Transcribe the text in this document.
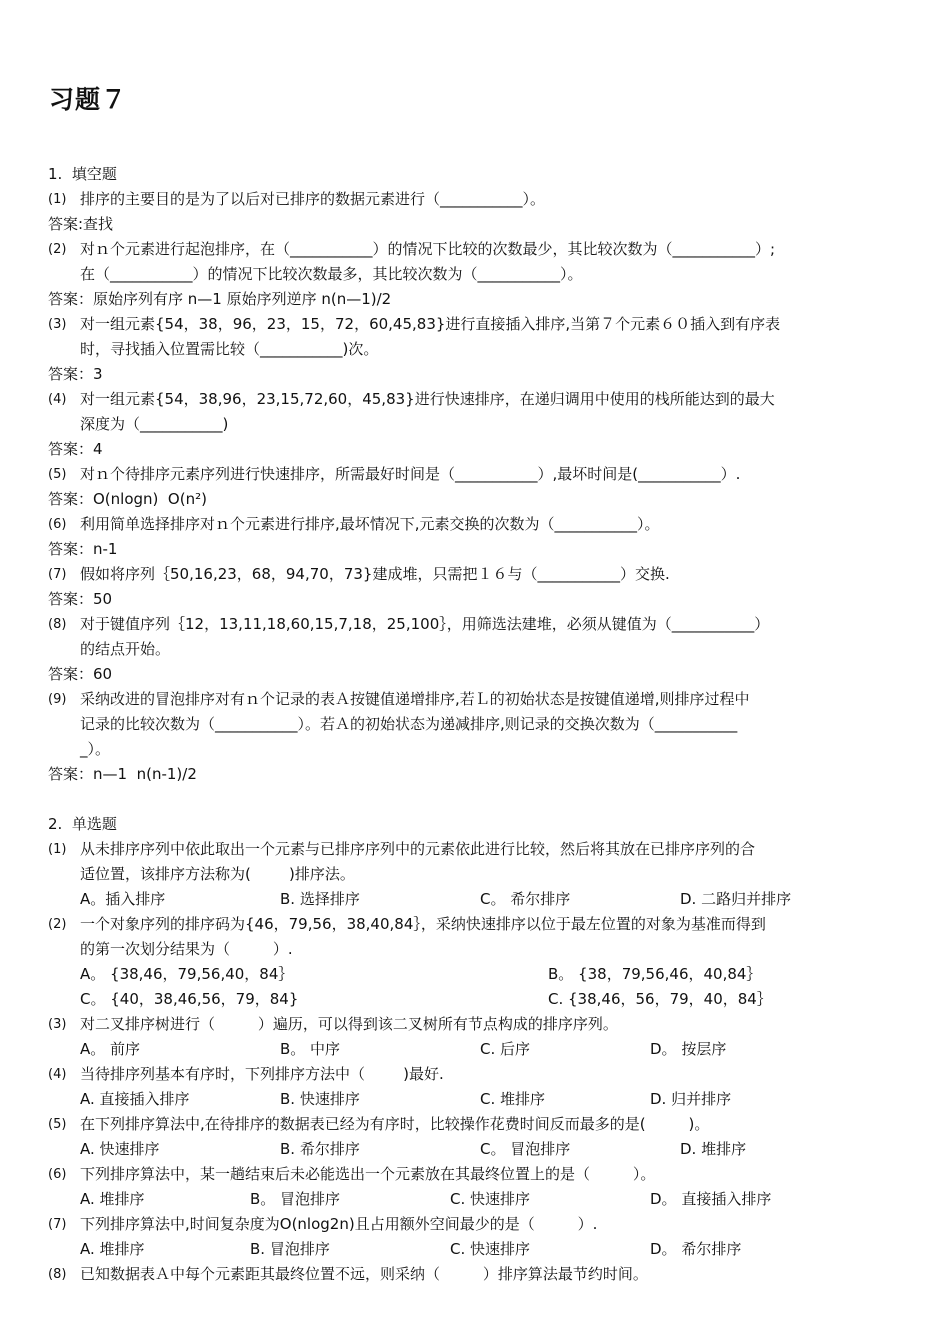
习题７
1.  填空题
(1) 排序的主要目的是为了以后对已排序的数据元素进行（___________）。
答案:查找
(2) 对ｎ个元素进行起泡排序，在（___________）的情况下比较的次数最少，其比较次数为（___________）;
在（___________）的情况下比较次数最多，其比较次数为（___________）。
答案：原始序列有序 n—1 原始序列逆序 n(n—1)/2
(3) 对一组元素{54，38，96，23，15，72，60,45,83}进行直接插入排序,当第７个元素６０插入到有序表
时，寻找插入位置需比较（___________)次。
答案：3
(4) 对一组元素{54，38,96，23,15,72,60，45,83}进行快速排序，在递归调用中使用的栈所能达到的最大
深度为（___________)
答案：4
(5) 对ｎ个待排序元素序列进行快速排序，所需最好时间是（___________）,最坏时间是(___________）.
答案：O(nlogn)  O(n²)
(6) 利用简单选择排序对ｎ个元素进行排序,最坏情况下,元素交换的次数为（___________）。
答案：n-1
(7) 假如将序列｛50,16,23，68，94,70，73}建成堆，只需把１６与（___________）交换.
答案：50
(8) 对于键值序列｛12，13,11,18,60,15,7,18，25,100｝，用筛选法建堆，必须从键值为（___________）
的结点开始。
答案：60
(9) 采纳改进的冒泡排序对有ｎ个记录的表Ａ按键值递增排序,若Ｌ的初始状态是按键值递增,则排序过程中
记录的比较次数为（___________）。若Ａ的初始状态为递减排序,则记录的交换次数为（___________
_）。
答案：n—1  n(n-1)/2
2.  单选题
(1) 从未排序序列中依此取出一个元素与已排序序列中的元素依此进行比较，然后将其放在已排序序列的合
适位置，该排序方法称为(        )排序法。
A。插入排序	B. 选择排序	C。 希尔排序	D. 二路归并排序
(2) 一个对象序列的排序码为{46，79,56，38,40,84｝，采纳快速排序以位于最左位置的对象为基准而得到
的第一次划分结果为（         ）.
A。 {38,46，79,56,40，84｝	B。 {38，79,56,46，40,84｝
C。 {40，38,46,56，79，84}	C. {38,46，56，79，40，84｝
(3) 对二叉排序树进行（         ）遍历，可以得到该二叉树所有节点构成的排序序列。
A。 前序	B。 中序	C. 后序	D。 按层序
(4) 当待排序列基本有序时，下列排序方法中（        )最好.
A. 直接插入排序	B. 快速排序	C. 堆排序	D. 归并排序
(5) 在下列排序算法中,在待排序的数据表已经为有序时，比较操作花费时间反而最多的是(         )。
A. 快速排序	B. 希尔排序	C。 冒泡排序	D. 堆排序
(6) 下列排序算法中，某一趟结束后未必能选出一个元素放在其最终位置上的是（         ）。
A. 堆排序	B。 冒泡排序	C. 快速排序	D。 直接插入排序
(7) 下列排序算法中,时间复杂度为O(nlog2n)且占用额外空间最少的是（         ）.
A. 堆排序	B. 冒泡排序	C. 快速排序	D。 希尔排序
(8) 已知数据表Ａ中每个元素距其最终位置不远，则采纳（         ）排序算法最节约时间。
